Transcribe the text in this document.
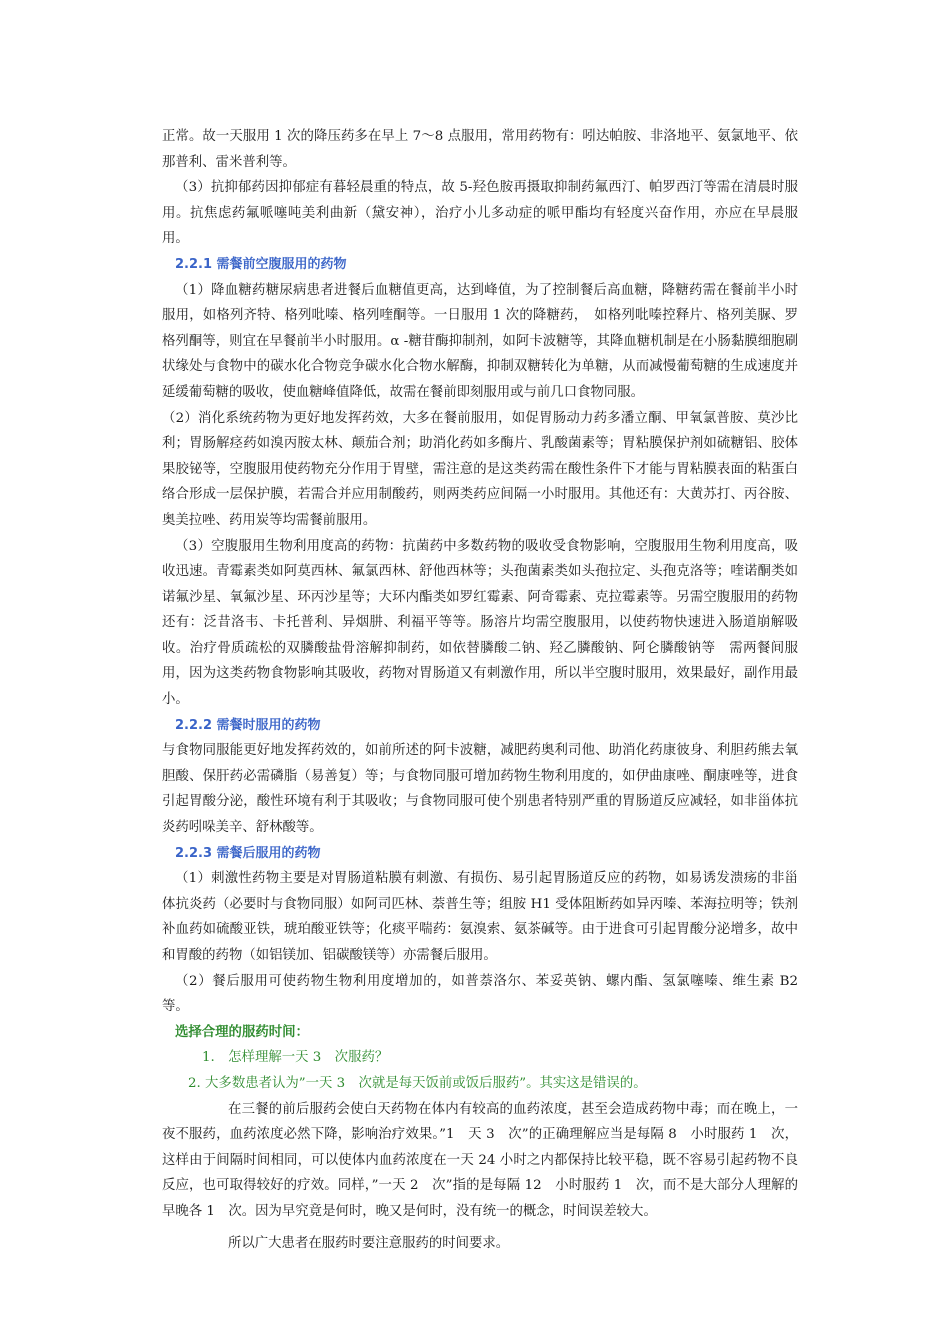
正常。故一天服用 1 次的降压药多在早上 7～8 点服用，常用药物有：吲达帕胺、非洛地平、氨氯地平、依那普利、雷米普利等。

（3）抗抑郁药因抑郁症有暮轻晨重的特点，故 5-羟色胺再摄取抑制药氟西汀、帕罗西汀等需在清晨时服用。抗焦虑药氟哌噻吨美利曲新（黛安神），治疗小儿多动症的哌甲酯均有轻度兴奋作用，亦应在早晨服用。

2.2.1 需餐前空腹服用的药物

（1）降血糖药糖尿病患者进餐后血糖值更高，达到峰值，为了控制餐后高血糖，降糖药需在餐前半小时服用，如格列齐特、格列吡嗪、格列喹酮等。一日服用 1 次的降糖药，　如格列吡嗪控释片、格列美脲、罗格列酮等，则宜在早餐前半小时服用。α -糖苷酶抑制剂，如阿卡波糖等，其降血糖机制是在小肠黏膜细胞刷状缘处与食物中的碳水化合物竞争碳水化合物水解酶，抑制双糖转化为单糖，从而减慢葡萄糖的生成速度并延缓葡萄糖的吸收，使血糖峰值降低，故需在餐前即刻服用或与前几口食物同服。

（2）消化系统药物为更好地发挥药效，大多在餐前服用，如促胃肠动力药多潘立酮、甲氧氯普胺、莫沙比利；胃肠解痉药如溴丙胺太林、颠茄合剂；助消化药如多酶片、乳酸菌素等；胃粘膜保护剂如硫糖铝、胶体果胶铋等，空腹服用使药物充分作用于胃壁，需注意的是这类药需在酸性条件下才能与胃粘膜表面的粘蛋白络合形成一层保护膜，若需合并应用制酸药，则两类药应间隔一小时服用。其他还有：大黄苏打、丙谷胺、奥美拉唑、药用炭等均需餐前服用。

（3）空腹服用生物利用度高的药物：抗菌药中多数药物的吸收受食物影响，空腹服用生物利用度高，吸收迅速。青霉素类如阿莫西林、氟氯西林、舒他西林等；头孢菌素类如头孢拉定、头孢克洛等；喹诺酮类如诺氟沙星、氧氟沙星、环丙沙星等；大环内酯类如罗红霉素、阿奇霉素、克拉霉素等。另需空腹服用的药物还有：泛昔洛韦、卡托普利、异烟肼、利福平等等。肠溶片均需空腹服用，以使药物快速进入肠道崩解吸收。治疗骨质疏松的双膦酸盐骨溶解抑制药，如依替膦酸二钠、羟乙膦酸钠、阿仑膦酸钠等　需两餐间服用，因为这类药物食物影响其吸收，药物对胃肠道又有刺激作用，所以半空腹时服用，效果最好，副作用最小。

2.2.2 需餐时服用的药物

与食物同服能更好地发挥药效的，如前所述的阿卡波糖，减肥药奥利司他、助消化药康彼身、利胆药熊去氧胆酸、保肝药必需磷脂（易善复）等；与食物同服可增加药物生物利用度的，如伊曲康唑、酮康唑等，进食引起胃酸分泌，酸性环境有利于其吸收；与食物同服可使个别患者特别严重的胃肠道反应减轻，如非甾体抗炎药吲哚美辛、舒林酸等。

2.2.3 需餐后服用的药物

（1）刺激性药物主要是对胃肠道粘膜有刺激、有损伤、易引起胃肠道反应的药物，如易诱发溃疡的非甾体抗炎药（必要时与食物同服）如阿司匹林、萘普生等；组胺 H1 受体阻断药如异丙嗪、苯海拉明等；铁剂补血药如硫酸亚铁，琥珀酸亚铁等；化痰平喘药：氨溴索、氨茶碱等。由于进食可引起胃酸分泌增多，故中和胃酸的药物（如铝镁加、铝碳酸镁等）亦需餐后服用。

（2）餐后服用可使药物生物利用度增加的，如普萘洛尔、苯妥英钠、螺内酯、氢氯噻嗪、维生素 B2 等。

选择合理的服药时间：

1.　怎样理解一天 3　次服药？

2. 大多数患者认为”一天 3　次就是每天饭前或饭后服药”。其实这是错误的。

在三餐的前后服药会使白天药物在体内有较高的血药浓度，甚至会造成药物中毒；而在晚上，一夜不服药，血药浓度必然下降，影响治疗效果。”1　天 3　次”的正确理解应当是每隔 8　小时服药 1　次，这样由于间隔时间相同，可以使体内血药浓度在一天 24 小时之内都保持比较平稳，既不容易引起药物不良反应，也可取得较好的疗效。同样，”一天 2　次”指的是每隔 12　小时服药 1　次，而不是大部分人理解的早晚各 1　次。因为早究竟是何时，晚又是何时，没有统一的概念，时间误差较大。

所以广大患者在服药时要注意服药的时间要求。
